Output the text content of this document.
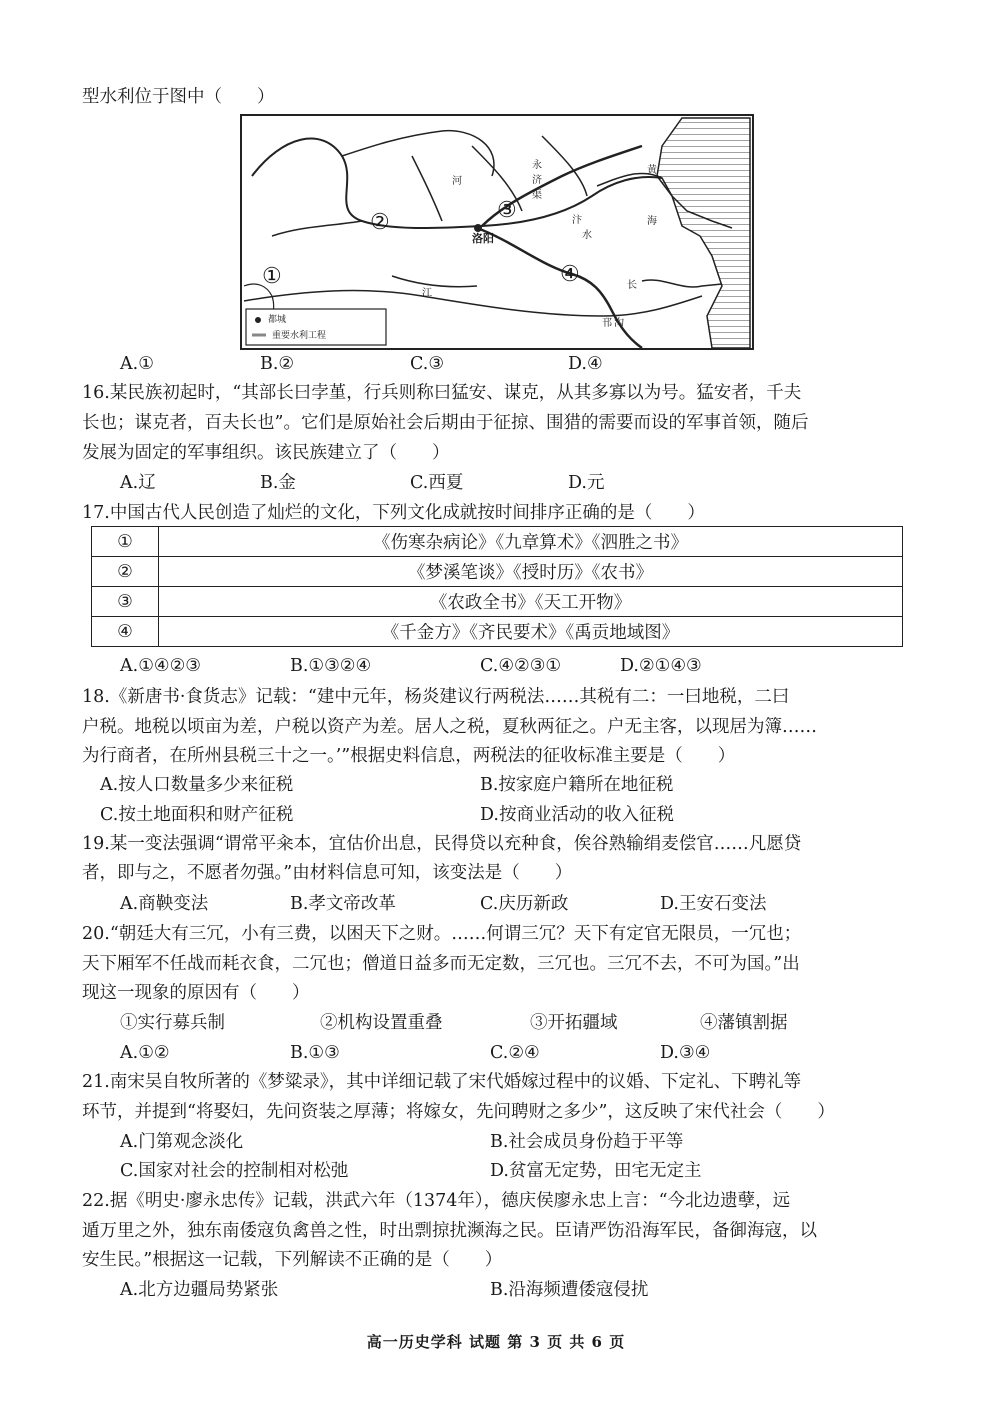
型水利位于图中（　　）
洛阳
黄
海
长
江
永
济
渠
汴
水
河
邗 沟
①
②	③
④
都城
重要水利工程
A.①	B.②	C.③	D.④
16.某民族初起时，“其部长曰孛堇，行兵则称曰猛安、谋克，从其多寡以为号。猛安者，千夫
长也；谋克者，百夫长也”。它们是原始社会后期由于征掠、围猎的需要而设的军事首领，随后
发展为固定的军事组织。该民族建立了（　　）
A.辽	B.金	C.西夏	D.元
17.中国古代人民创造了灿烂的文化，下列文化成就按时间排序正确的是（　　）
①	《伤寒杂病论》《九章算术》《泗胜之书》
②	《梦溪笔谈》《授时历》《农书》
③	《农政全书》《天工开物》
④	《千金方》《齐民要术》《禹贡地域图》
A.①④②③	B.①③②④	C.④②③①	D.②①④③
18.《新唐书·食货志》记载：“建中元年，杨炎建议行两税法……其税有二：一曰地税，二曰
户税。地税以顷亩为差，户税以资产为差。居人之税，夏秋两征之。户无主客，以现居为簿……
为行商者，在所州县税三十之一。’”根据史料信息，两税法的征收标准主要是（　　）
A.按人口数量多少来征税	B.按家庭户籍所在地征税
C.按土地面积和财产征税	D.按商业活动的收入征税
19.某一变法强调“谓常平籴本，宜估价出息，民得贷以充种食，俟谷熟输绢麦偿官……凡愿贷
者，即与之，不愿者勿强。”由材料信息可知，该变法是（　　）
A.商鞅变法	B.孝文帝改革	C.庆历新政	D.王安石变法
20.“朝廷大有三冗，小有三费，以困天下之财。……何谓三冗？天下有定官无限员，一冗也；
天下厢军不任战而耗衣食，二冗也；僧道日益多而无定数，三冗也。三冗不去，不可为国。”出
现这一现象的原因有（　　）
①实行募兵制	②机构设置重叠	③开拓疆域	④藩镇割据
A.①②	B.①③	C.②④	D.③④
21.南宋吴自牧所著的《梦粱录》，其中详细记载了宋代婚嫁过程中的议婚、下定礼、下聘礼等
环节，并提到“将娶妇，先问资装之厚薄；将嫁女，先问聘财之多少”，这反映了宋代社会（　　）
A.门第观念淡化	B.社会成员身份趋于平等
C.国家对社会的控制相对松弛	D.贫富无定势，田宅无定主
22.据《明史·廖永忠传》记载，洪武六年（1374年），德庆侯廖永忠上言：“今北边遗孽，远
遁万里之外，独东南倭寇负禽兽之性，时出剽掠扰濒海之民。臣请严饬沿海军民，备御海寇，以
安生民。”根据这一记载，下列解读不正确的是（　　）
A.北方边疆局势紧张	B.沿海频遭倭寇侵扰
高一历史学科 试题 第 3 页 共 6 页
